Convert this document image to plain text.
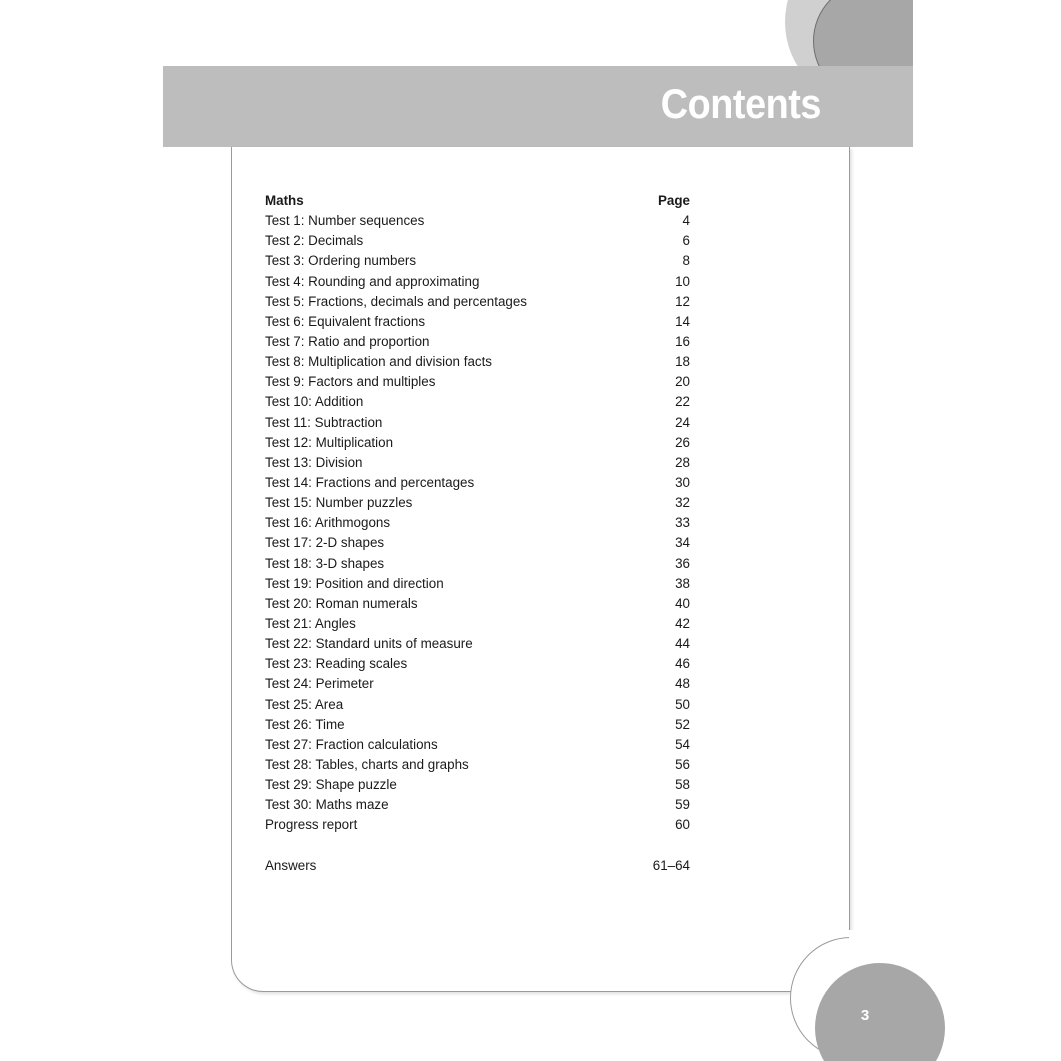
Contents
Maths	Page
Test 1: Number sequences	4
Test 2: Decimals	6
Test 3: Ordering numbers	8
Test 4: Rounding and approximating	10
Test 5: Fractions, decimals and percentages	12
Test 6: Equivalent fractions	14
Test 7: Ratio and proportion	16
Test 8: Multiplication and division facts	18
Test 9: Factors and multiples	20
Test 10: Addition	22
Test 11: Subtraction	24
Test 12: Multiplication	26
Test 13: Division	28
Test 14: Fractions and percentages	30
Test 15: Number puzzles	32
Test 16: Arithmogons	33
Test 17: 2-D shapes	34
Test 18: 3-D shapes	36
Test 19: Position and direction	38
Test 20: Roman numerals	40
Test 21: Angles	42
Test 22: Standard units of measure	44
Test 23: Reading scales	46
Test 24: Perimeter	48
Test 25: Area	50
Test 26: Time	52
Test 27: Fraction calculations	54
Test 28: Tables, charts and graphs	56
Test 29: Shape puzzle	58
Test 30: Maths maze	59
Progress report	60
Answers	61–64
3
